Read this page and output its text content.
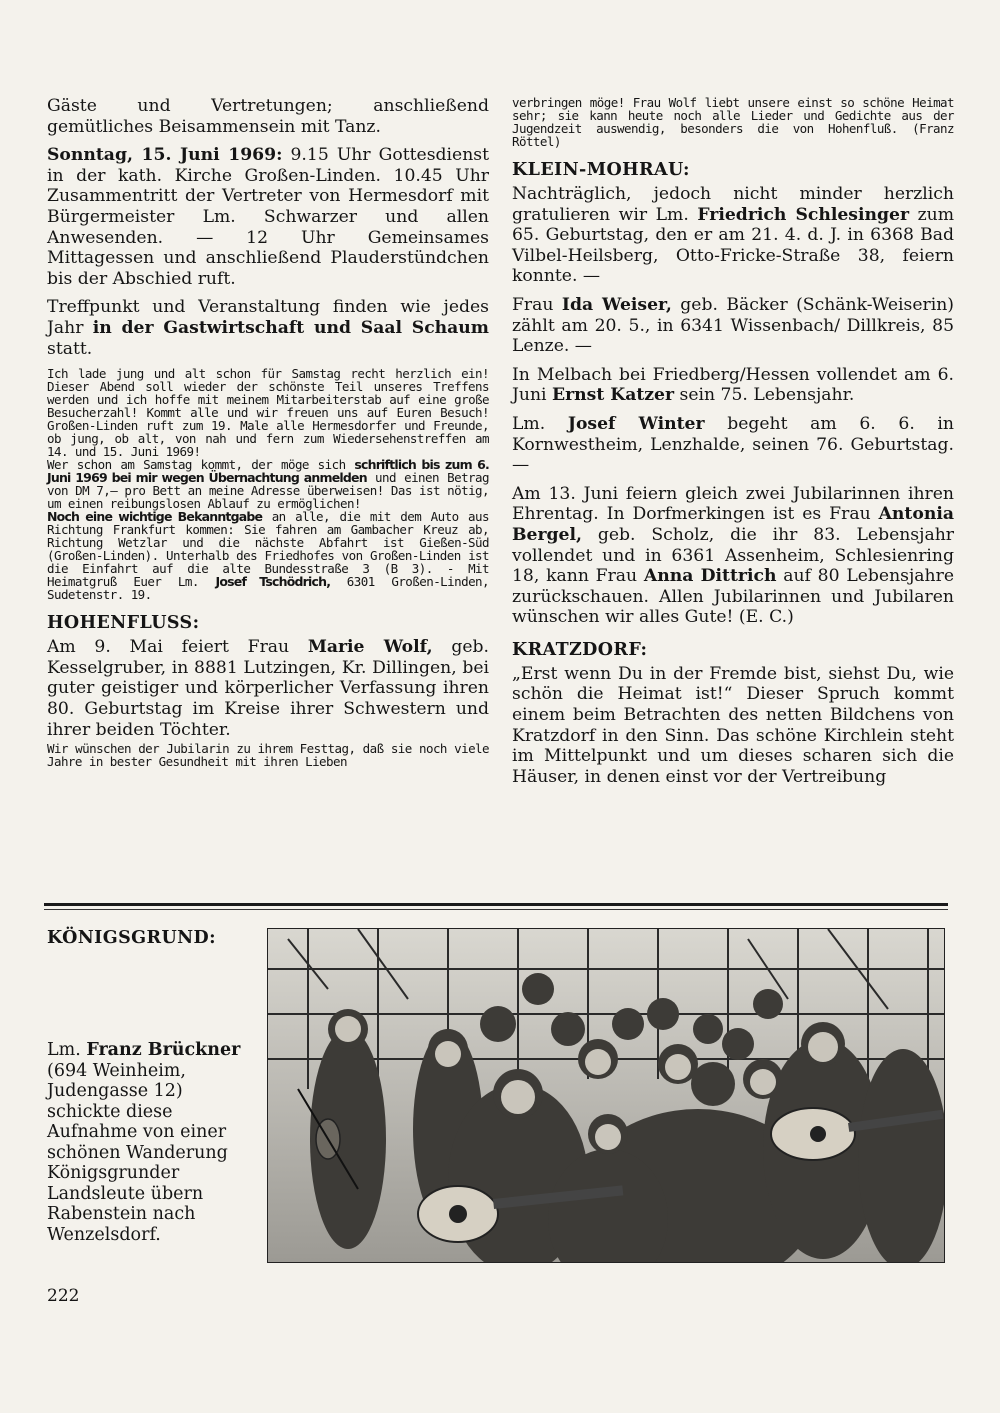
Gäste und Vertretungen; anschließend gemütliches Beisammensein mit Tanz.

Sonntag, 15. Juni 1969: 9.15 Uhr Gottesdienst in der kath. Kirche Großen-Linden. 10.45 Uhr Zusammentritt der Vertreter von Hermesdorf mit Bürgermeister Lm. Schwarzer und allen Anwesenden. — 12 Uhr Gemeinsames Mittagessen und anschließend Plauderstündchen bis der Abschied ruft.

Treffpunkt und Veranstaltung finden wie jedes Jahr in der Gastwirtschaft und Saal Schaum statt.

Ich lade jung und alt schon für Samstag recht herzlich ein! Dieser Abend soll wieder der schönste Teil unseres Treffens werden und ich hoffe mit meinem Mitarbeiterstab auf eine große Besucherzahl! Kommt alle und wir freuen uns auf Euren Besuch! Großen-Linden ruft zum 19. Male alle Hermesdorfer und Freunde, ob jung, ob alt, von nah und fern zum Wiedersehenstreffen am 14. und 15. Juni 1969!
Wer schon am Samstag kommt, der möge sich schriftlich bis zum 6. Juni 1969 bei mir wegen Übernachtung anmelden und einen Betrag von DM 7,— pro Bett an meine Adresse überweisen! Das ist nötig, um einen reibungslosen Ablauf zu ermöglichen!
Noch eine wichtige Bekanntgabe an alle, die mit dem Auto aus Richtung Frankfurt kommen: Sie fahren am Gambacher Kreuz ab, Richtung Wetzlar und die nächste Abfahrt ist Gießen-Süd (Großen-Linden). Unterhalb des Friedhofes von Großen-Linden ist die Einfahrt auf die alte Bundesstraße 3 (B 3). - Mit Heimatgruß Euer Lm. Josef Tschödrich, 6301 Großen-Linden, Sudetenstr. 19.
HOHENFLUSS:

Am 9. Mai feiert Frau Marie Wolf, geb. Kesselgruber, in 8881 Lutzingen, Kr. Dillingen, bei guter geistiger und körperlicher Verfassung ihren 80. Geburtstag im Kreise ihrer Schwestern und ihrer beiden Töchter.

Wir wünschen der Jubilarin zu ihrem Festtag, daß sie noch viele Jahre in bester Gesundheit mit ihren Lieben
verbringen möge! Frau Wolf liebt unsere einst so schöne Heimat sehr; sie kann heute noch alle Lieder und Gedichte aus der Jugendzeit auswendig, besonders die von Hohenfluß. (Franz Röttel)
KLEIN-MOHRAU:

Nachträglich, jedoch nicht minder herzlich gratulieren wir Lm. Friedrich Schlesinger zum 65. Geburtstag, den er am 21. 4. d. J. in 6368 Bad Vilbel-Heilsberg, Otto-Fricke-Straße 38, feiern konnte. —

Frau Ida Weiser, geb. Bäcker (Schänk-Weiserin) zählt am 20. 5., in 6341 Wissenbach/ Dillkreis, 85 Lenze. —

In Melbach bei Friedberg/Hessen vollendet am 6. Juni Ernst Katzer sein 75. Lebensjahr.

Lm. Josef Winter begeht am 6. 6. in Kornwestheim, Lenzhalde, seinen 76. Geburtstag. —

Am 13. Juni feiern gleich zwei Jubilarinnen ihren Ehrentag. In Dorfmerkingen ist es Frau Antonia Bergel, geb. Scholz, die ihr 83. Lebensjahr vollendet und in 6361 Assenheim, Schlesienring 18, kann Frau Anna Dittrich auf 80 Lebensjahre zurückschauen. Allen Jubilarinnen und Jubilaren wünschen wir alles Gute! (E. C.)

KRATZDORF:

„Erst wenn Du in der Fremde bist, siehst Du, wie schön die Heimat ist!“ Dieser Spruch kommt einem beim Betrachten des netten Bildchens von Kratzdorf in den Sinn. Das schöne Kirchlein steht im Mittelpunkt und um dieses scharen sich die Häuser, in denen einst vor der Vertreibung

KÖNIGSGRUND:
Lm. Franz Brückner (694 Weinheim, Judengasse 12) schickte diese Aufnahme von einer schönen Wanderung Königsgrunder Landsleute übern Rabenstein nach Wenzelsdorf.
222
